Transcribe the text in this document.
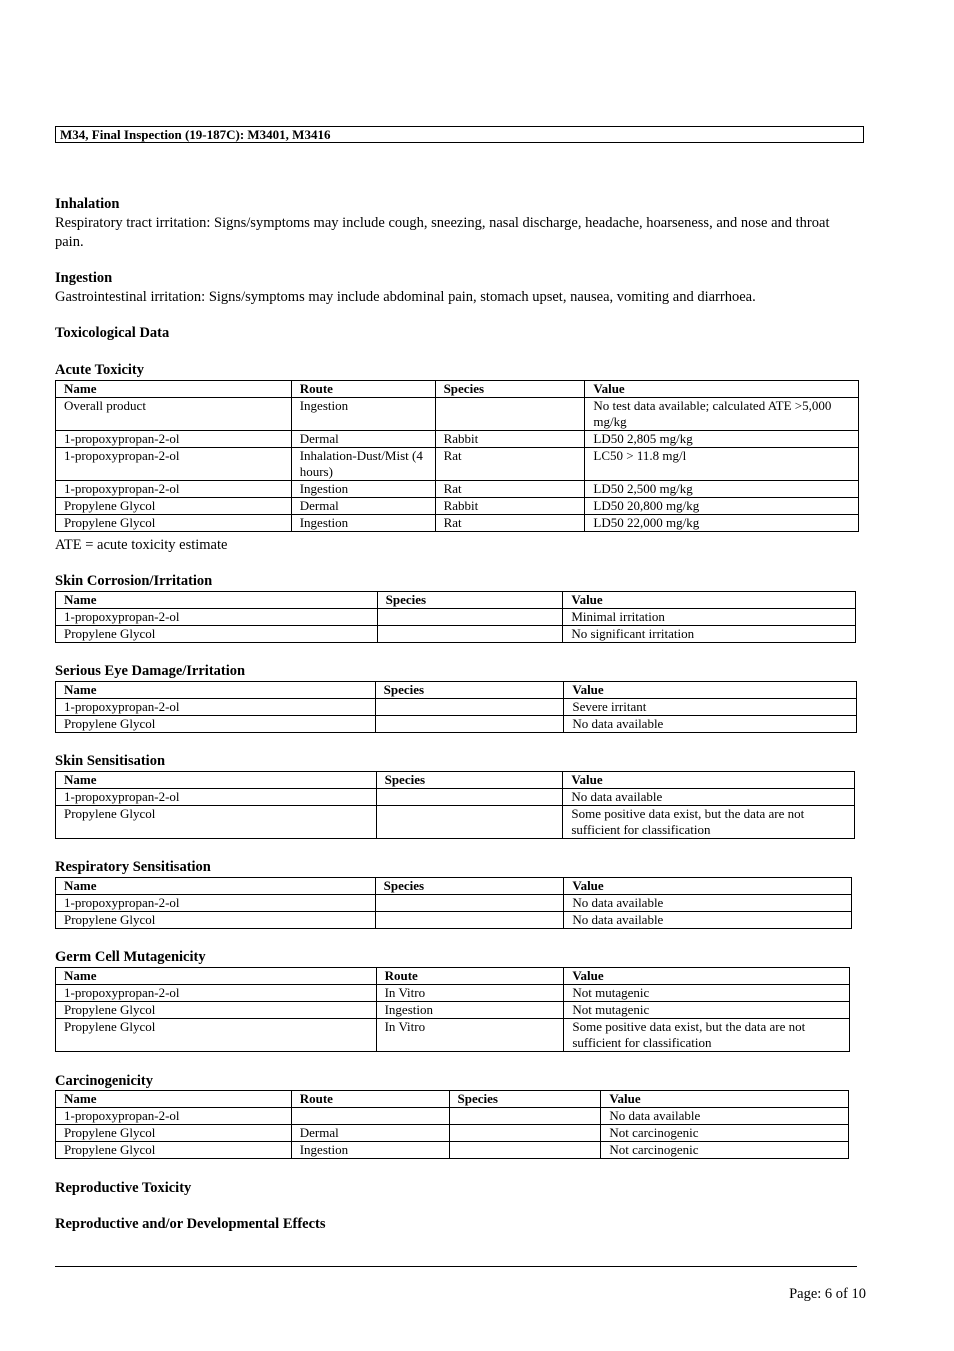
M34, Final Inspection (19-187C): M3401, M3416
Inhalation
Respiratory tract irritation: Signs/symptoms may include cough, sneezing, nasal discharge, headache, hoarseness, and nose and throat pain.
Ingestion
Gastrointestinal irritation: Signs/symptoms may include abdominal pain, stomach upset, nausea, vomiting and diarrhoea.
Toxicological Data
Acute Toxicity
Name	Route	Species	Value
Overall product	Ingestion		No test data available; calculated ATE >5,000 mg/kg
1-propoxypropan-2-ol	Dermal	Rabbit	LD50 2,805 mg/kg
1-propoxypropan-2-ol	Inhalation-Dust/Mist (4 hours)	Rat	LC50 > 11.8 mg/l
1-propoxypropan-2-ol	Ingestion	Rat	LD50 2,500 mg/kg
Propylene Glycol	Dermal	Rabbit	LD50 20,800 mg/kg
Propylene Glycol	Ingestion	Rat	LD50 22,000 mg/kg
ATE = acute toxicity estimate
Skin Corrosion/Irritation
Name	Species	Value
1-propoxypropan-2-ol		Minimal irritation
Propylene Glycol		No significant irritation
Serious Eye Damage/Irritation
Name	Species	Value
1-propoxypropan-2-ol		Severe irritant
Propylene Glycol		No data available
Skin Sensitisation
Name	Species	Value
1-propoxypropan-2-ol		No data available
Propylene Glycol		Some positive data exist, but the data are not sufficient for classification
Respiratory Sensitisation
Name	Species	Value
1-propoxypropan-2-ol		No data available
Propylene Glycol		No data available
Germ Cell Mutagenicity
Name	Route	Value
1-propoxypropan-2-ol	In Vitro	Not mutagenic
Propylene Glycol	Ingestion	Not mutagenic
Propylene Glycol	In Vitro	Some positive data exist, but the data are not sufficient for classification
Carcinogenicity
Name	Route	Species	Value
1-propoxypropan-2-ol			No data available
Propylene Glycol	Dermal		Not carcinogenic
Propylene Glycol	Ingestion		Not carcinogenic
Reproductive Toxicity
Reproductive and/or Developmental Effects
Page: 6 of 10
